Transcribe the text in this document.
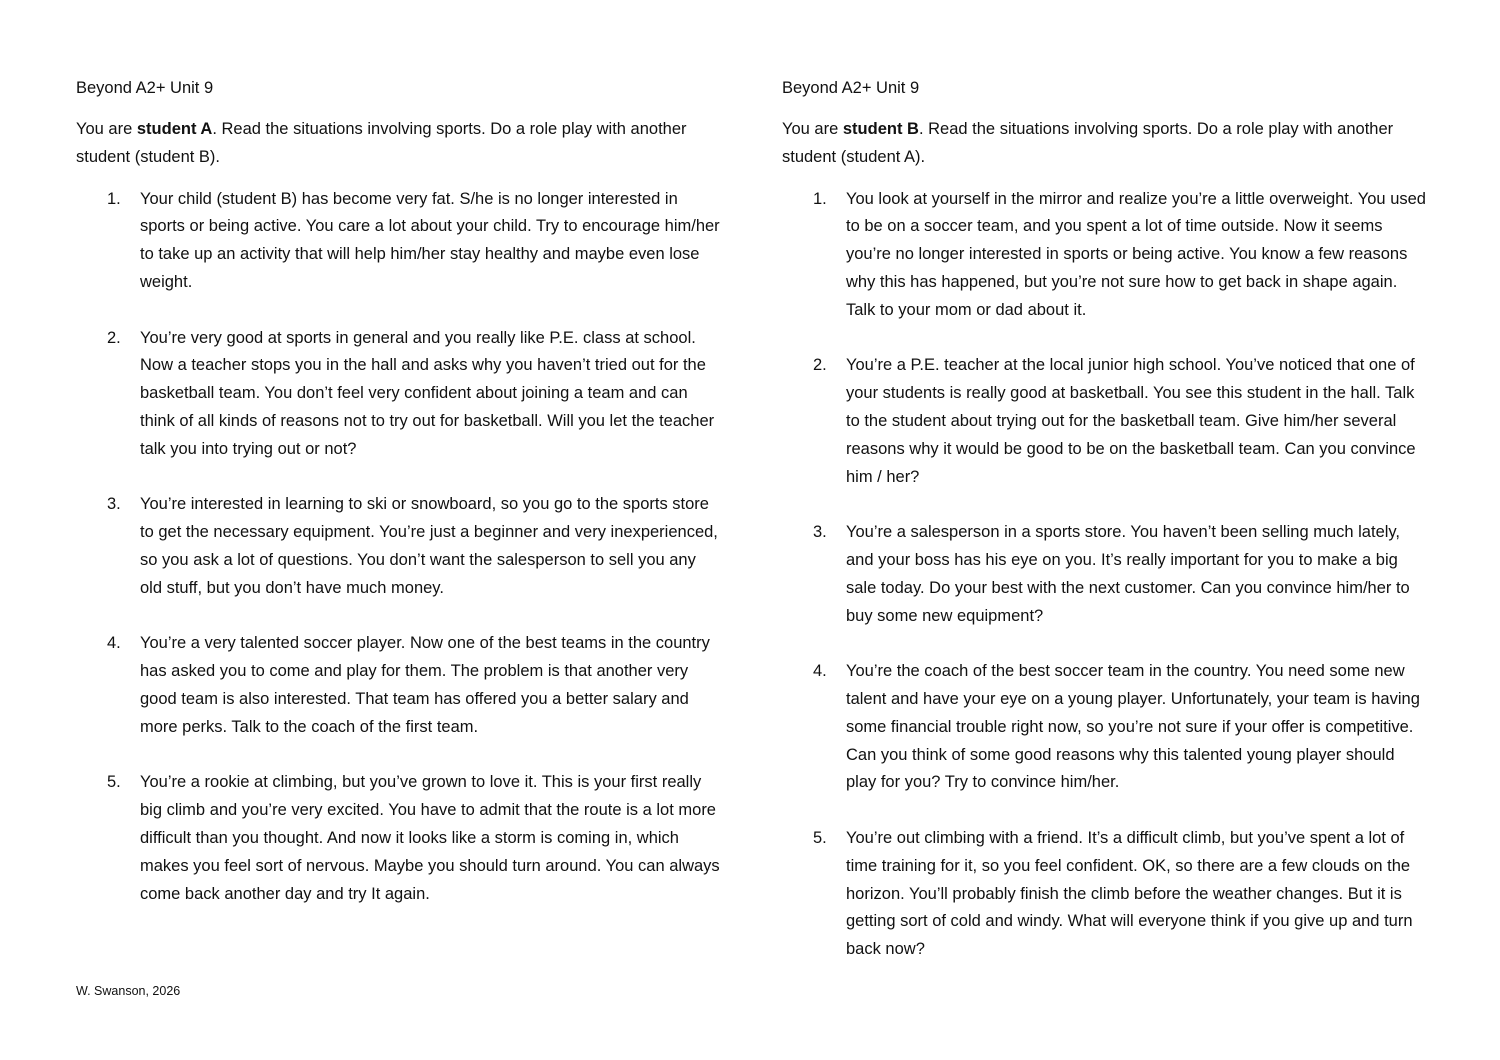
Beyond A2+ Unit 9

You are student A. Read the situations involving sports. Do a role play with another student (student B).

1. Your child (student B) has become very fat. S/he is no longer interested in sports or being active. You care a lot about your child. Try to encourage him/her to take up an activity that will help him/her stay healthy and maybe even lose weight.
2. You’re very good at sports in general and you really like P.E. class at school. Now a teacher stops you in the hall and asks why you haven’t tried out for the basketball team. You don’t feel very confident about joining a team and can think of all kinds of reasons not to try out for basketball. Will you let the teacher talk you into trying out or not?
3. You’re interested in learning to ski or snowboard, so you go to the sports store to get the necessary equipment. You’re just a beginner and very inexperienced, so you ask a lot of questions. You don’t want the salesperson to sell you any old stuff, but you don’t have much money.
4. You’re a very talented soccer player. Now one of the best teams in the country has asked you to come and play for them. The problem is that another very good team is also interested. That team has offered you a better salary and more perks. Talk to the coach of the first team.
5. You’re a rookie at climbing, but you’ve grown to love it. This is your first really big climb and you’re very excited. You have to admit that the route is a lot more difficult than you thought. And now it looks like a storm is coming in, which makes you feel sort of nervous. Maybe you should turn around. You can always come back another day and try It again.
Beyond A2+ Unit 9

You are student B. Read the situations involving sports. Do a role play with another student (student A).

1. You look at yourself in the mirror and realize you’re a little overweight. You used to be on a soccer team, and you spent a lot of time outside. Now it seems you’re no longer interested in sports or being active. You know a few reasons why this has happened, but you’re not sure how to get back in shape again. Talk to your mom or dad about it.
2. You’re a P.E. teacher at the local junior high school. You’ve noticed that one of your students is really good at basketball. You see this student in the hall. Talk to the student about trying out for the basketball team. Give him/her several reasons why it would be good to be on the basketball team. Can you convince him / her?
3. You’re a salesperson in a sports store. You haven’t been selling much lately, and your boss has his eye on you. It’s really important for you to make a big sale today. Do your best with the next customer. Can you convince him/her to buy some new equipment?
4. You’re the coach of the best soccer team in the country. You need some new talent and have your eye on a young player. Unfortunately, your team is having some financial trouble right now, so you’re not sure if your offer is competitive. Can you think of some good reasons why this talented young player should play for you? Try to convince him/her.
5. You’re out climbing with a friend. It’s a difficult climb, but you’ve spent a lot of time training for it, so you feel confident. OK, so there are a few clouds on the horizon. You’ll probably finish the climb before the weather changes. But it is getting sort of cold and windy. What will everyone think if you give up and turn back now?
W. Swanson, 2026
